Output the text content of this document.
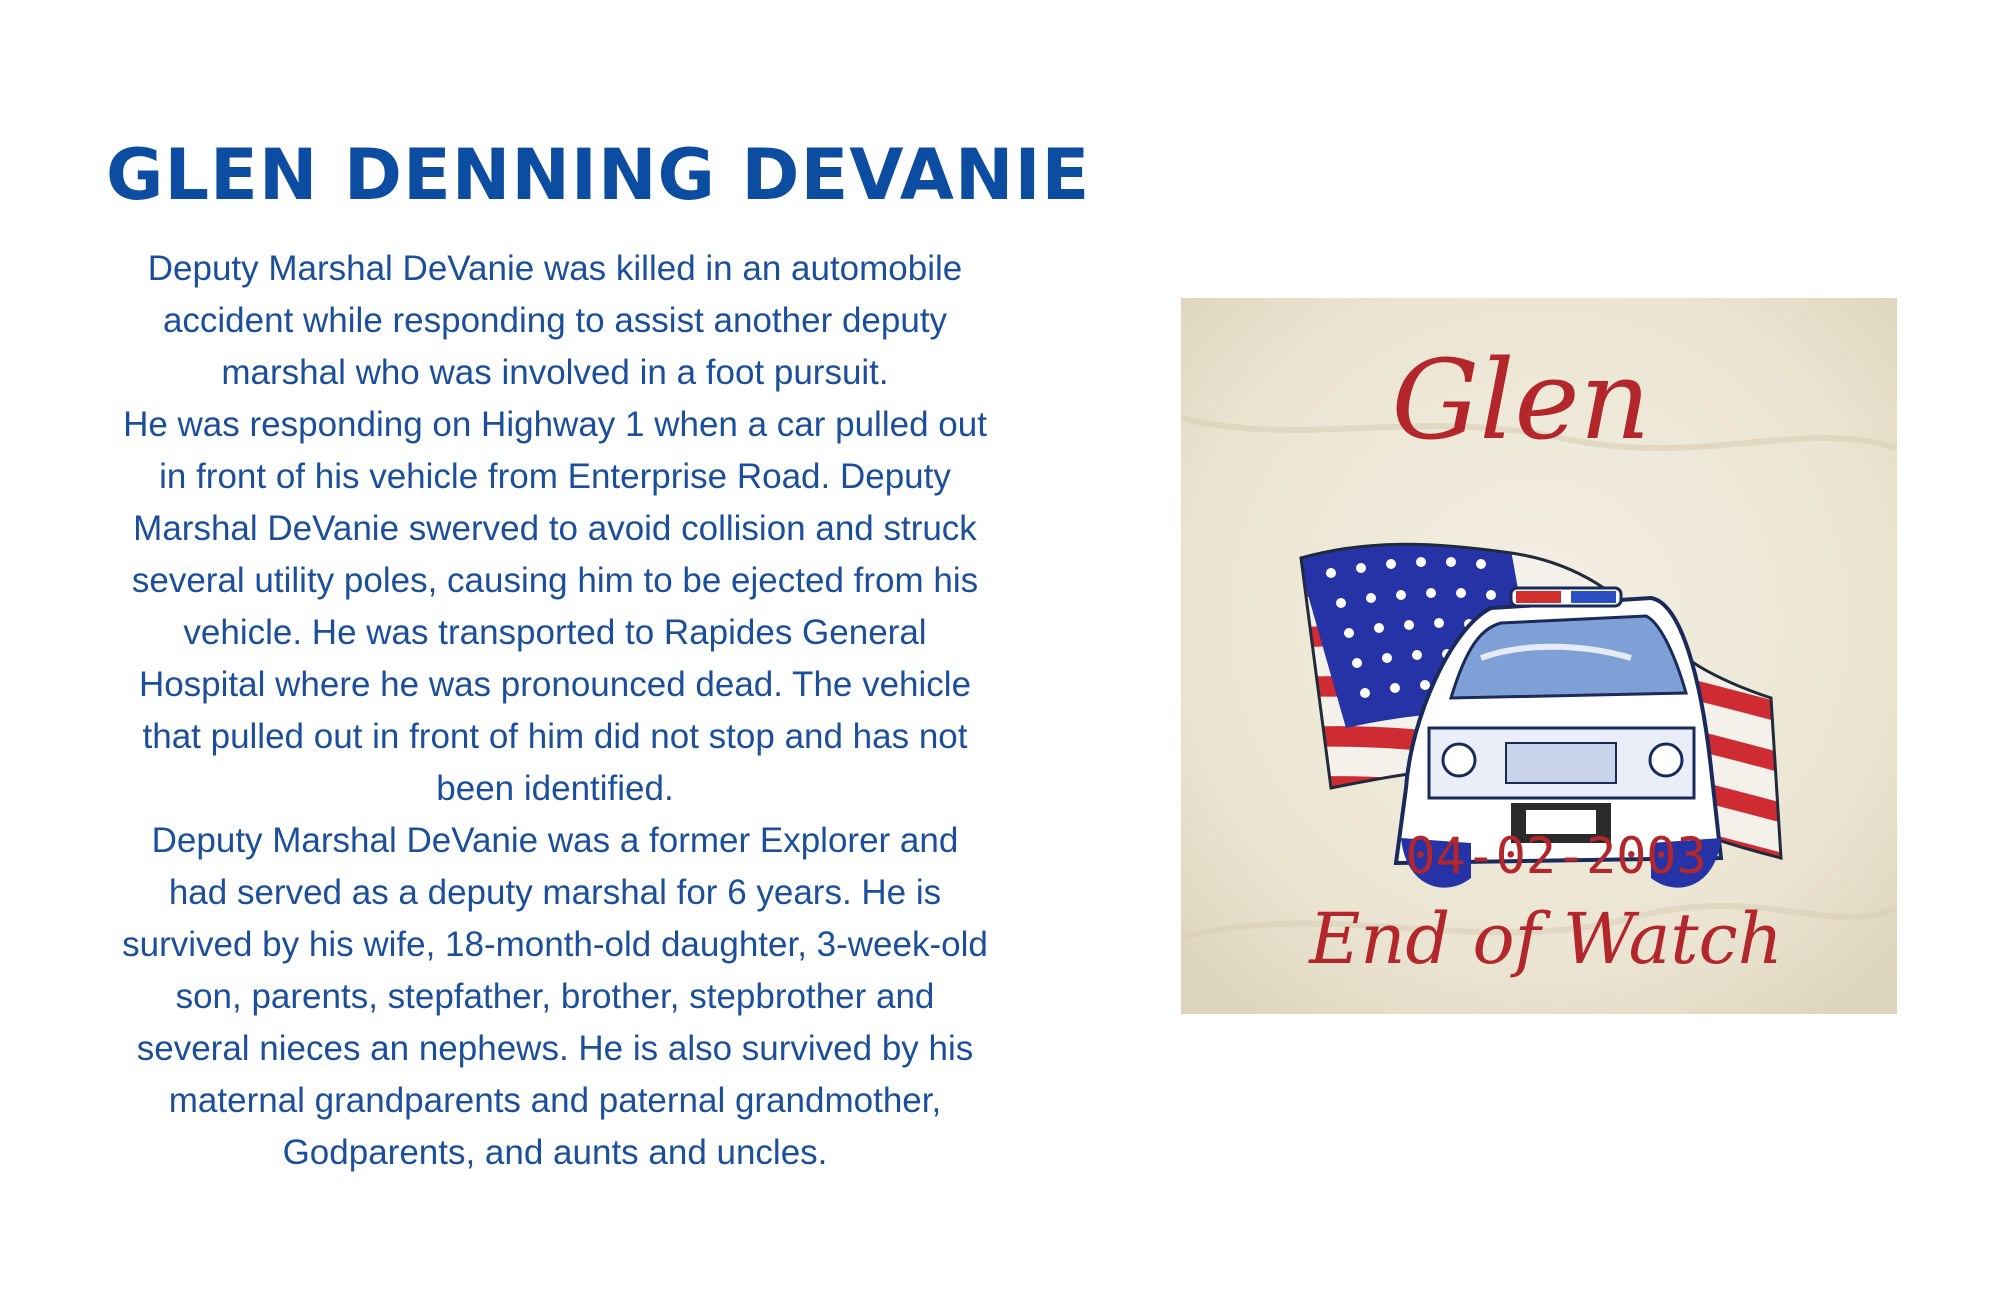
GLEN DENNING DEVANIE

Deputy Marshal DeVanie was killed in an automobile accident while responding to assist another deputy marshal who was involved in a foot pursuit.

He was responding on Highway 1 when a car pulled out in front of his vehicle from Enterprise Road. Deputy Marshal DeVanie swerved to avoid collision and struck several utility poles, causing him to be ejected from his vehicle. He was transported to Rapides General Hospital where he was pronounced dead. The vehicle that pulled out in front of him did not stop and has not been identified.

Deputy Marshal DeVanie was a former Explorer and had served as a deputy marshal for 6 years. He is survived by his wife, 18-month-old daughter, 3-week-old son, parents, stepfather, brother, stepbrother and several nieces an nephews. He is also survived by his maternal grandparents and paternal grandmother, Godparents, and aunts and uncles.

Glen
04-02-2003
End of Watch
